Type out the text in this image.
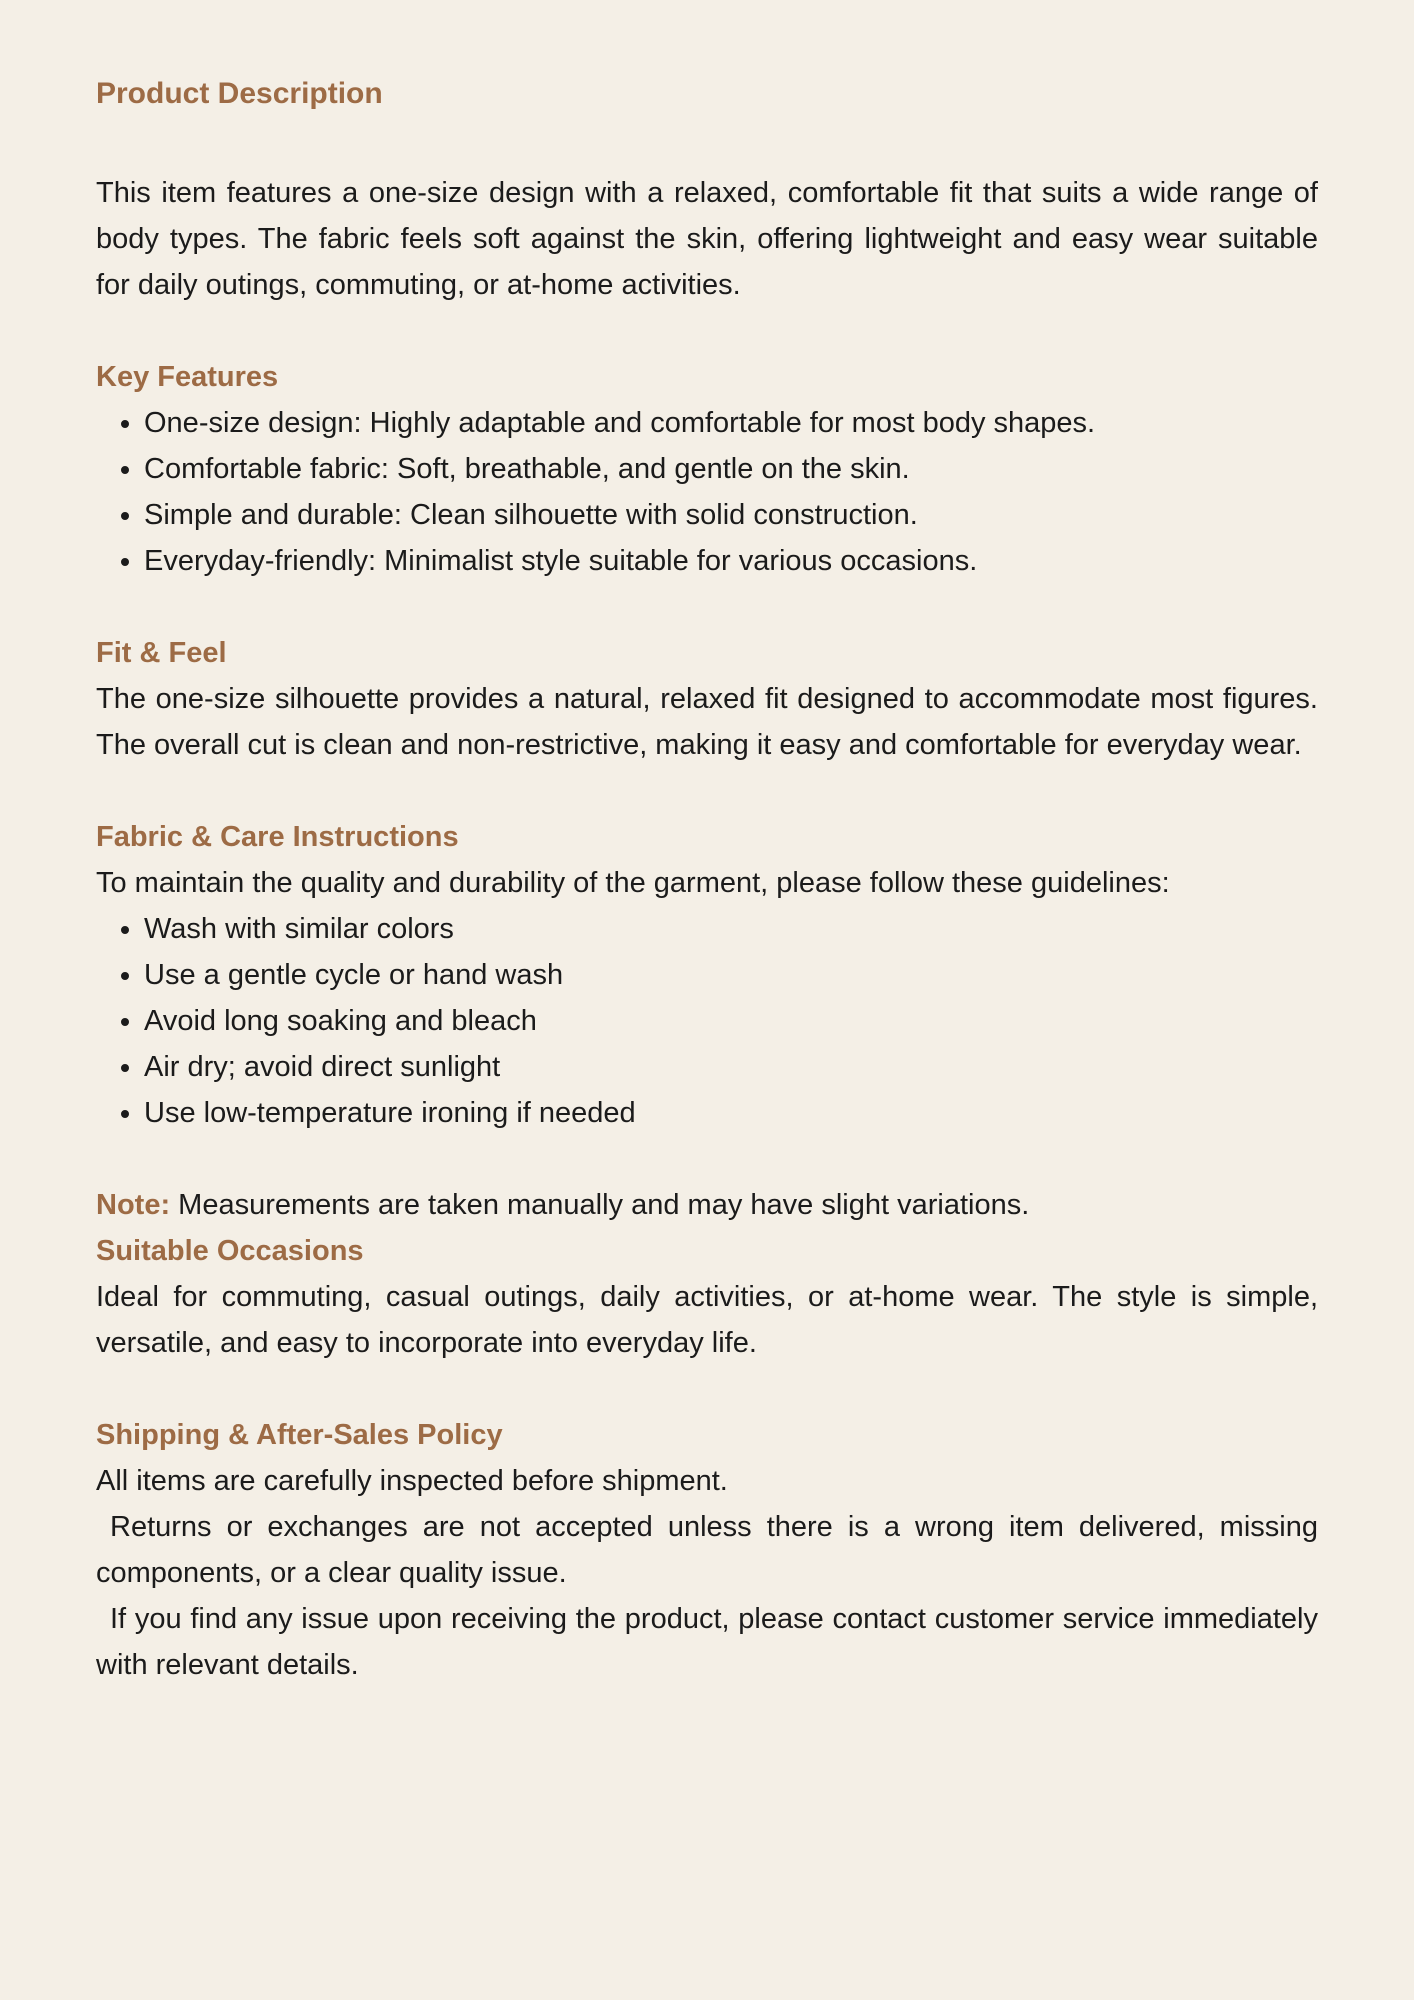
Product Description

This item features a one-size design with a relaxed, comfortable fit that suits a wide range of body types. The fabric feels soft against the skin, offering lightweight and easy wear suitable for daily outings, commuting, or at-home activities.

Key Features
• One-size design: Highly adaptable and comfortable for most body shapes.
• Comfortable fabric: Soft, breathable, and gentle on the skin.
• Simple and durable: Clean silhouette with solid construction.
• Everyday-friendly: Minimalist style suitable for various occasions.
Fit & Feel

The one-size silhouette provides a natural, relaxed fit designed to accommodate most figures. The overall cut is clean and non-restrictive, making it easy and comfortable for everyday wear.

Fabric & Care Instructions

To maintain the quality and durability of the garment, please follow these guidelines:

• Wash with similar colors
• Use a gentle cycle or hand wash
• Avoid long soaking and bleach
• Air dry; avoid direct sunlight
• Use low-temperature ironing if needed

Note: Measurements are taken manually and may have slight variations.

Suitable Occasions

Ideal for commuting, casual outings, daily activities, or at-home wear. The style is simple, versatile, and easy to incorporate into everyday life.

Shipping & After-Sales Policy

All items are carefully inspected before shipment.

Returns or exchanges are not accepted unless there is a wrong item delivered, missing components, or a clear quality issue.

If you find any issue upon receiving the product, please contact customer service immediately with relevant details.
